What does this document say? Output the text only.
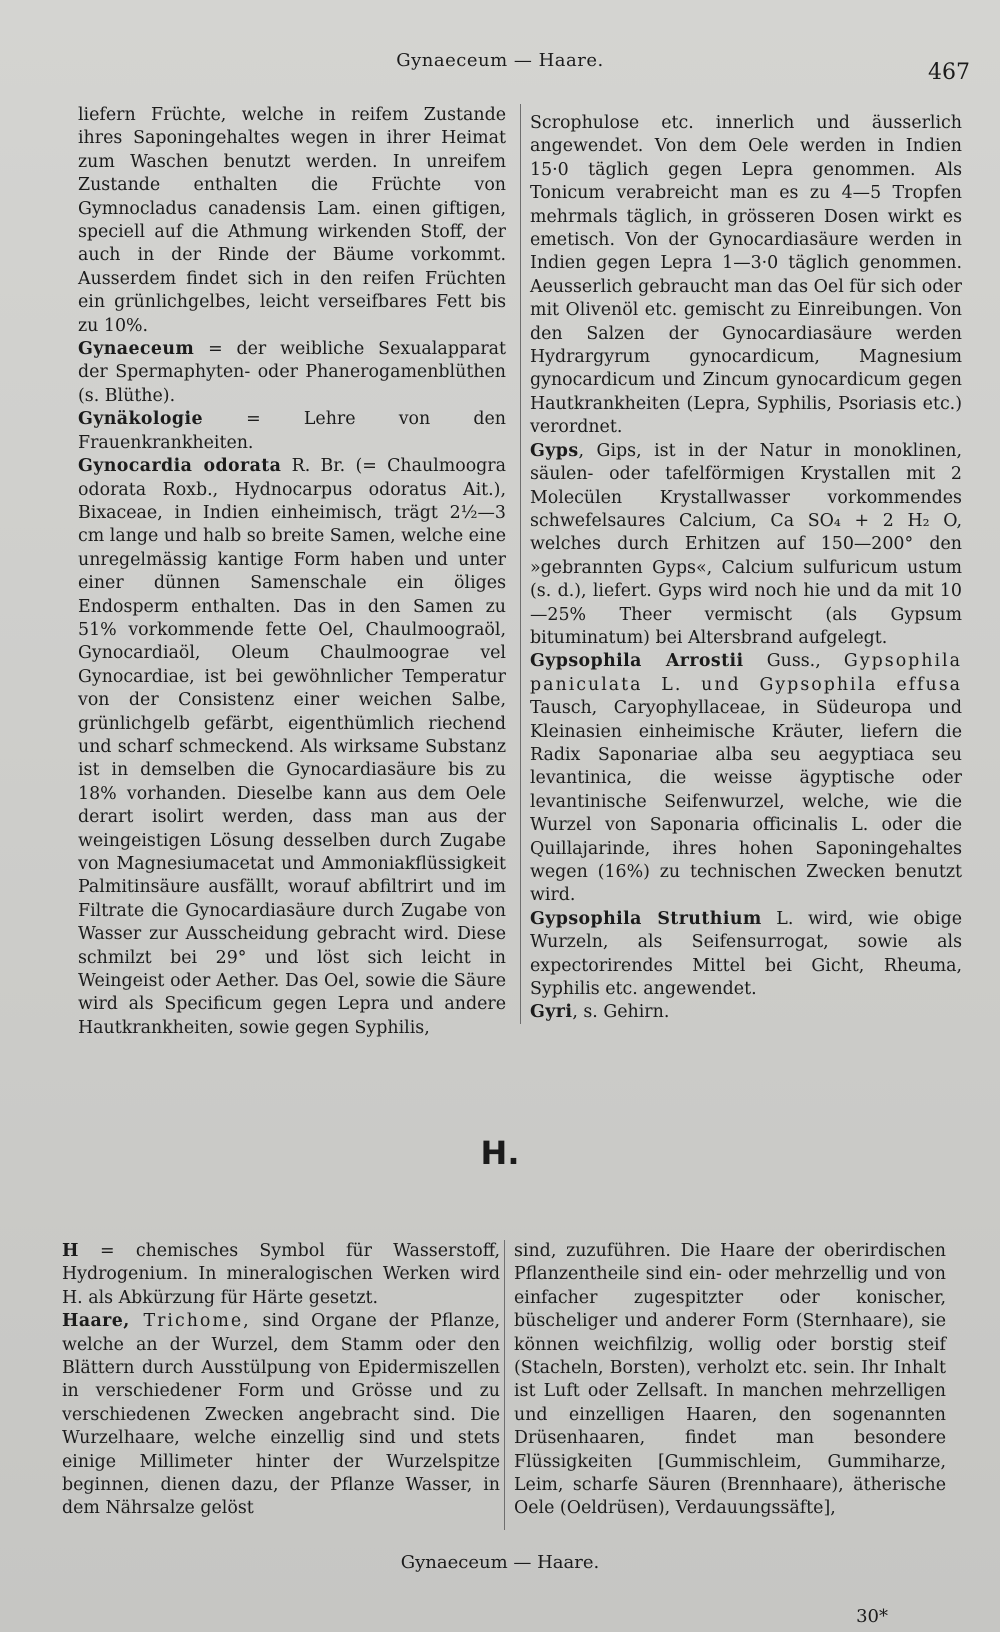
Gynaeceum — Haare.	467

liefern Früchte, welche in reifem Zustande ihres Saponingehaltes wegen in ihrer Heimat zum Waschen benutzt werden. In unreifem Zustande enthalten die Früchte von Gymnocladus canadensis Lam. einen giftigen, speciell auf die Athmung wirkenden Stoff, der auch in der Rinde der Bäume vorkommt. Ausserdem findet sich in den reifen Früchten ein grünlichgelbes, leicht verseifbares Fett bis zu 10%.

Gynaeceum = der weibliche Sexualapparat der Spermaphyten- oder Phanerogamenblüthen (s. Blüthe).

Gynäkologie = Lehre von den Frauenkrankheiten.

Gynocardia odorata R. Br. (= Chaulmoogra odorata Roxb., Hydnocarpus odoratus Ait.), Bixaceae, in Indien einheimisch, trägt 2½—3 cm lange und halb so breite Samen, welche eine unregelmässig kantige Form haben und unter einer dünnen Samenschale ein öliges Endosperm enthalten. Das in den Samen zu 51% vorkommende fette Oel, Chaulmoograöl, Gynocardiaöl, Oleum Chaulmoograe vel Gynocardiae, ist bei gewöhnlicher Temperatur von der Consistenz einer weichen Salbe, grünlichgelb gefärbt, eigenthümlich riechend und scharf schmeckend. Als wirksame Substanz ist in demselben die Gynocardiasäure bis zu 18% vorhanden. Dieselbe kann aus dem Oele derart isolirt werden, dass man aus der weingeistigen Lösung desselben durch Zugabe von Magnesiumacetat und Ammoniakflüssigkeit Palmitinsäure ausfällt, worauf abfiltrirt und im Filtrate die Gynocardiasäure durch Zugabe von Wasser zur Ausscheidung gebracht wird. Diese schmilzt bei 29° und löst sich leicht in Weingeist oder Aether. Das Oel, sowie die Säure wird als Specificum gegen Lepra und andere Hautkrankheiten, sowie gegen Syphilis,

Scrophulose etc. innerlich und äusserlich angewendet. Von dem Oele werden in Indien 15·0 täglich gegen Lepra genommen. Als Tonicum verabreicht man es zu 4—5 Tropfen mehrmals täglich, in grösseren Dosen wirkt es emetisch. Von der Gynocardiasäure werden in Indien gegen Lepra 1—3·0 täglich genommen. Aeusserlich gebraucht man das Oel für sich oder mit Olivenöl etc. gemischt zu Einreibungen. Von den Salzen der Gynocardiasäure werden Hydrargyrum gynocardicum, Magnesium gynocardicum und Zincum gynocardicum gegen Hautkrankheiten (Lepra, Syphilis, Psoriasis etc.) verordnet.

Gyps, Gips, ist in der Natur in monoklinen, säulen- oder tafelförmigen Krystallen mit 2 Molecülen Krystallwasser vorkommendes schwefelsaures Calcium, Ca SO₄ + 2 H₂ O, welches durch Erhitzen auf 150—200° den »gebrannten Gyps«, Calcium sulfuricum ustum (s. d.), liefert. Gyps wird noch hie und da mit 10—25% Theer vermischt (als Gypsum bituminatum) bei Altersbrand aufgelegt.

Gypsophila Arrostii Guss., Gypsophila paniculata L. und Gypsophila effusa Tausch, Caryophyllaceae, in Südeuropa und Kleinasien einheimische Kräuter, liefern die Radix Saponariae alba seu aegyptiaca seu levantinica, die weisse ägyptische oder levantinische Seifenwurzel, welche, wie die Wurzel von Saponaria officinalis L. oder die Quillajarinde, ihres hohen Saponingehaltes wegen (16%) zu technischen Zwecken benutzt wird.

Gypsophila Struthium L. wird, wie obige Wurzeln, als Seifensurrogat, sowie als expectorirendes Mittel bei Gicht, Rheuma, Syphilis etc. angewendet.

Gyri, s. Gehirn.

H.

H = chemisches Symbol für Wasserstoff, Hydrogenium. In mineralogischen Werken wird H. als Abkürzung für Härte gesetzt.

Haare, Trichome, sind Organe der Pflanze, welche an der Wurzel, dem Stamm oder den Blättern durch Ausstülpung von Epidermiszellen in verschiedener Form und Grösse und zu verschiedenen Zwecken angebracht sind. Die Wurzelhaare, welche einzellig sind und stets einige Millimeter hinter der Wurzelspitze beginnen, dienen dazu, der Pflanze Wasser, in dem Nährsalze gelöst

sind, zuzuführen. Die Haare der oberirdischen Pflanzentheile sind ein- oder mehrzellig und von einfacher zugespitzter oder konischer, büscheliger und anderer Form (Sternhaare), sie können weichfilzig, wollig oder borstig steif (Stacheln, Borsten), verholzt etc. sein. Ihr Inhalt ist Luft oder Zellsaft. In manchen mehrzelligen und einzelligen Haaren, den sogenannten Drüsenhaaren, findet man besondere Flüssigkeiten [Gummischleim, Gummiharze, Leim, scharfe Säuren (Brennhaare), ätherische Oele (Oeldrüsen), Verdauungssäfte],

Gynaeceum — Haare.
30*
